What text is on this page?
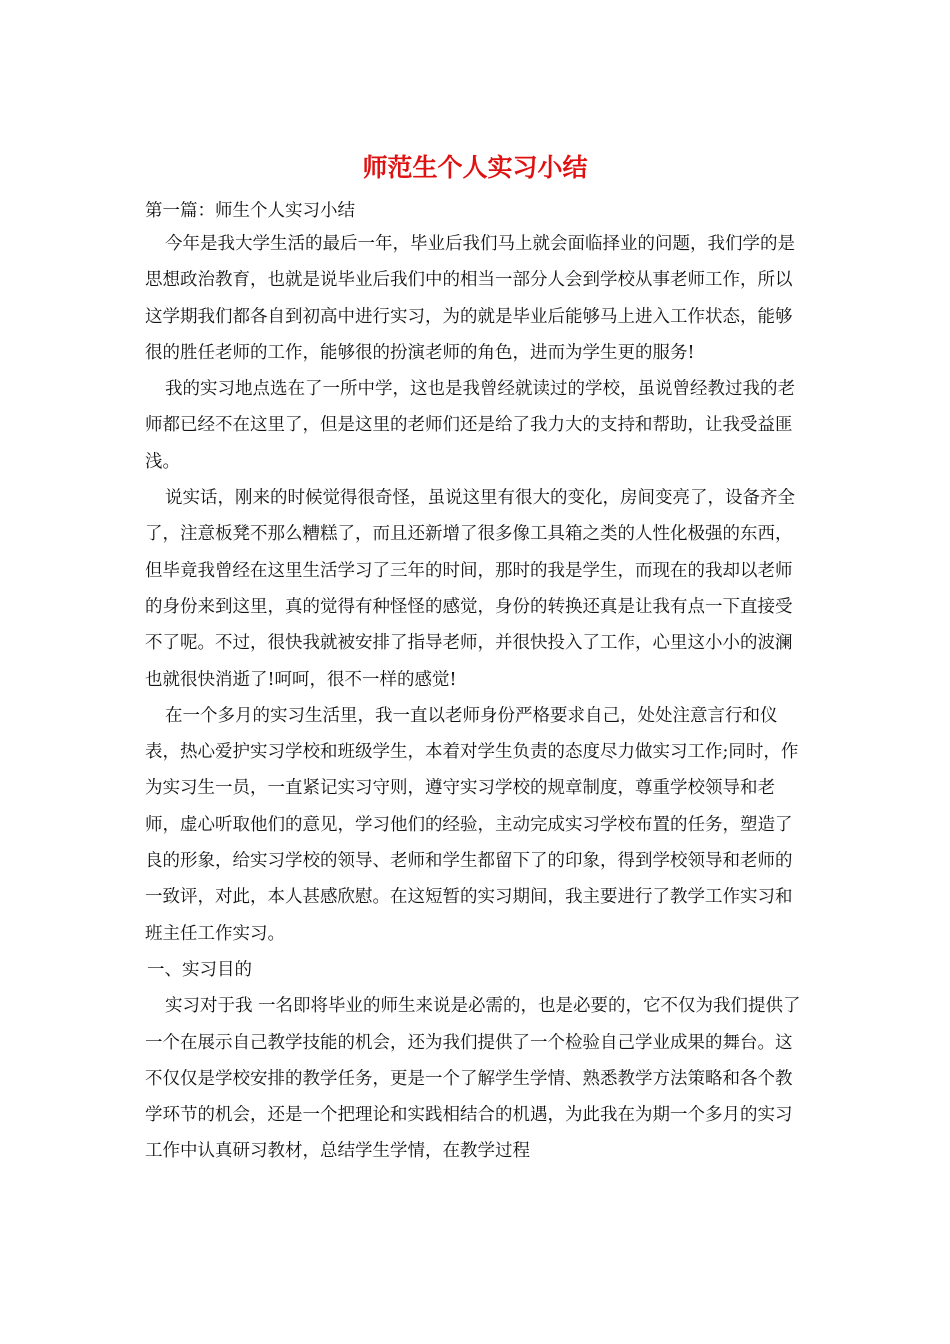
师范生个人实习小结

第一篇：师生个人实习小结

今年是我大学生活的最后一年，毕业后我们马上就会面临择业的问题，我们学的是思想政治教育，也就是说毕业后我们中的相当一部分人会到学校从事老师工作，所以这学期我们都各自到初高中进行实习，为的就是毕业后能够马上进入工作状态，能够很的胜任老师的工作，能够很的扮演老师的角色，进而为学生更的服务!

我的实习地点选在了一所中学，这也是我曾经就读过的学校，虽说曾经教过我的老师都已经不在这里了，但是这里的老师们还是给了我力大的支持和帮助，让我受益匪浅。

说实话，刚来的时候觉得很奇怪，虽说这里有很大的变化，房间变亮了，设备齐全了，注意板凳不那么糟糕了，而且还新增了很多像工具箱之类的人性化极强的东西，但毕竟我曾经在这里生活学习了三年的时间，那时的我是学生，而现在的我却以老师的身份来到这里，真的觉得有种怪怪的感觉，身份的转换还真是让我有点一下直接受不了呢。不过，很快我就被安排了指导老师，并很快投入了工作，心里这小小的波澜也就很快消逝了!呵呵，很不一样的感觉!

在一个多月的实习生活里，我一直以老师身份严格要求自己，处处注意言行和仪表，热心爱护实习学校和班级学生，本着对学生负责的态度尽力做实习工作;同时，作为实习生一员，一直紧记实习守则，遵守实习学校的规章制度，尊重学校领导和老师，虚心听取他们的意见，学习他们的经验，主动完成实习学校布置的任务，塑造了良的形象，给实习学校的领导、老师和学生都留下了的印象，得到学校领导和老师的一致评，对此，本人甚感欣慰。在这短暂的实习期间，我主要进行了教学工作实习和班主任工作实习。

一、实习目的

实习对于我 一名即将毕业的师生来说是必需的，也是必要的，它不仅为我们提供了一个在展示自己教学技能的机会，还为我们提供了一个检验自己学业成果的舞台。这不仅仅是学校安排的教学任务，更是一个了解学生学情、熟悉教学方法策略和各个教学环节的机会，还是一个把理论和实践相结合的机遇，为此我在为期一个多月的实习工作中认真研习教材，总结学生学情，在教学过程
